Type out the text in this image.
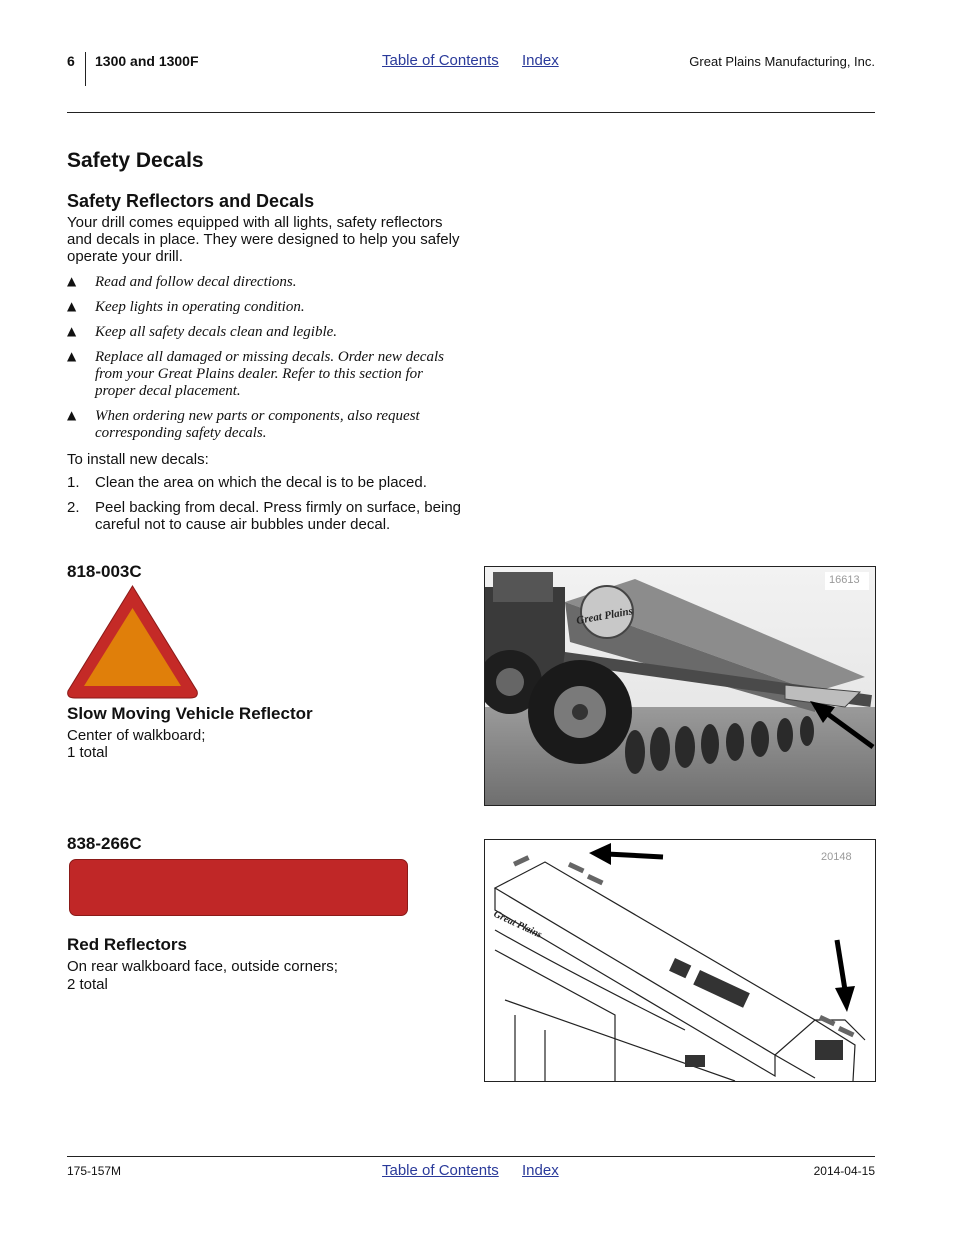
6 1300 and 1300F	Table of Contents Index	Great Plains Manufacturing, Inc.
Safety Decals
Safety Reflectors and Decals

Your drill comes equipped with all lights, safety reflectors and decals in place. They were designed to help you safely operate your drill.

▲	Read and follow decal directions.
▲	Keep lights in operating condition.
▲	Keep all safety decals clean and legible.
▲	Replace all damaged or missing decals. Order new decals from your Great Plains dealer. Refer to this section for proper decal placement.
▲	When ordering new parts or components, also request corresponding safety decals.

To install new decals:

1.	Clean the area on which the decal is to be placed.
2.	Peel backing from decal. Press firmly on surface, being careful not to cause air bubbles under decal.
818-003C
Slow Moving Vehicle Reflector

Center of walkboard;

1 total

Great Plains
16613
838-266C
Red Reflectors

On rear walkboard face, outside corners;

2 total

Great Plains
20148
175-157M	Table of Contents Index	2014-04-15
